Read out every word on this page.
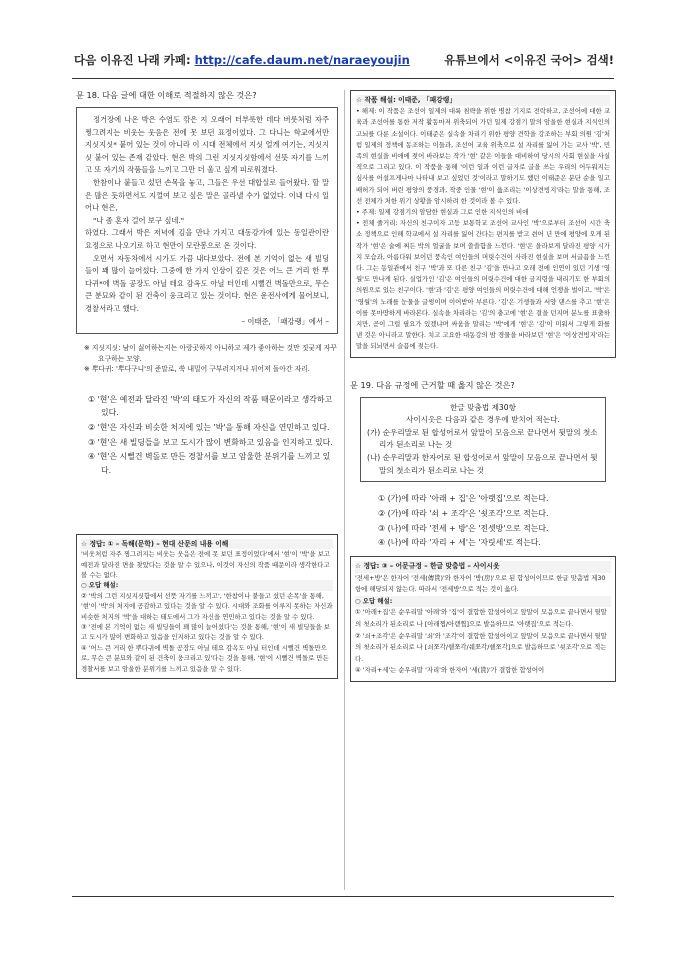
다음 이유진 나래 카페: http://cafe.daum.net/naraeyoujin	유튜브에서 <이유진 국어> 검색!
문 18. 다음 글에 대한 이해로 적절하지 않은 것은?

정거장에 나온 박은 수염도 깎은 지 오래어 터부룩한 데다 버룻처럼 자주 찡그려지는 비웃는 웃음은 전에 못 보던 표정이었다. 그 다니는 학교에서만 지싯지싯* 붙어 있는 것이 아니라 이 시대 전체에서 지싯 얼게 여기는, 지싯지싯 붙어 있는 존재 같았다. 현은 박의 그런 지싯지싯함에서 선뜻 자기를 느끼고 또 자기의 작품들을 느끼고 그만 더 울고 싶게 피로워졌다.

한참이나 붙들고 섰던 손목을 놓고, 그들은 우선 대합실로 들어왔다. 할 말은 많은 듯하면서도 지껄여 보고 싶은 말은 골라낼 수가 없었다. 이내 다시 일어나 현은,

"나 좀 혼자 걸어 보구 싶네."

하였다. 그래서 박은 저녁에 김을 만나 가지고 대동강가에 있는 동일관이란 요정으로 나오기로 하고 현만이 모란봉으로 온 것이다.

오면서 자동차에서 시가도 가끔 내다보았다. 전에 본 기억이 없는 새 빌딩들이 꽤 많이 늘어섰다. 그중에 한 가지 인상이 깊은 것은 어느 큰 거리 한 뿌다귀*에 벽돌 공장도 아닐 테요 감옥도 아닐 터인데 시뻘건 벽돌만으로, 무슨 큰 분묘와 같이 된 건축이 웅크리고 있는 것이다. 현은 운전사에게 물어보니, 경찰서라고 했다.

– 이태준, 「패강랭」에서 –
※ 지싯지싯: 남이 싫어하는지는 아랑곳하지 아니하고 제가 좋아하는 것만 짓궂게 자꾸 요구하는 모양.
※ 뿌다귀: '뿌다구니'의 준말로, 쑥 내밀어 구부러지거나 뒤어져 돌아간 자리.
① '현'은 예전과 달라진 '박'의 태도가 자신의 작품 때문이라고 생각하고 있다.
② '현'은 자신과 비슷한 처지에 있는 '박'을 통해 자신을 연민하고 있다.
③ '현'은 새 빌딩들을 보고 도시가 많이 변화하고 있음을 인지하고 있다.
④ '현'은 시뻘건 벽돌로 만든 경찰서를 보고 암울한 분위기를 느끼고 있다.
☆ 정답: ① – 독해(문학) – 현대 산문의 내용 이해

'비웃처럼 자주 찡그려지는 비웃는 웃음은 전에 못 보던 표정이었다'에서 '현'이 '박'을 보고 예전과 달라진 면을 찾았다는 것을 알 수 있으나, 이것이 자신의 작품 때문이라 생각한다고 볼 수는 없다.

○ 오답 해설:

② '박의 그런 지싯지싯함에서 선뜻 자기를 느끼고', '한참이나 붙들고 섰던 손목'을 통해, '현'이 '박'의 처지에 공감하고 있다는 것을 알 수 있다. 시대와 조화를 이루지 못하는 자신과 비슷한 처지의 '박'을 대하는 태도에서 그가 자신을 연민하고 있다는 것을 알 수 있다.

③ '전에 본 기억이 없는 새 빌딩들이 꽤 많이 늘어섰다'는 것을 통해, '현'이 새 빌딩들을 보고 도시가 많이 변화하고 있음을 인지하고 있다는 것을 알 수 있다.

④ '어느 큰 거리 한 뿌다귀에 벽돌 공장도 아닐 테요 감옥도 아닐 터인데 시뻘건 벽돌만으로, 무슨 큰 분묘와 같이 된 건축이 웅크리고 있'다는 것을 통해, '현'이 시뻘건 벽돌로 만든 경찰서를 보고 암울한 분위기를 느끼고 있음을 알 수 있다.

☆ 작품 해설: 이태준, 「패강랭」

• 해제: 이 작품은 조선이 일제의 대륙 침략을 위한 병참 기지로 전락하고, 조선어에 대한 교육과 조선어를 통한 저작 활동마저 위축되어 가던 일제 강점기 말의 암울한 현실과 지식인의 고뇌를 다룬 소설이다. 이태준은 실속을 차리기 위한 평양 견학을 강조하는 부회 의원 '김'처럼 일제의 정책에 동조하는 이들과, 조선어 교육 위축으로 설 자리를 잃어 가는 교사 '박', 민족의 현실을 비애에 젖어 바라보는 작가 '현' 같은 이들을 대비하여 당시의 사회 현실을 사실적으로 그리고 있다. 이 작품을 통해 '이런 일과 이런 글자로 글을 쓰는 우리의 어두워지는 심사를 어설프게나마 나타내 보고 싶었던 것'이라고 말하기도 했던 이태준은 분단 순을 일고 배허가 되어 버린 평양의 풍경과, 작중 인물 '현'이 읊조리는 '이상견빙지'라는 말을 통해, 조선 전체가 처한 위기 상황을 암시하려 한 것이라 볼 수 있다.

• 주제: 일제 강점기의 암담한 현실과 그로 인한 지식인의 비애

• 전체 줄거리: 자신의 친구이자 고등 보통학교 조선어 교사인 '박'으로부터 조선어 시간 축소 정책으로 인해 학교에서 설 자리를 잃어 간다는 편지를 받고 쉰어 년 만에 평양에 오게 된 작가 '현'은 술에 찌든 박의 얼굴을 보며 쓸쓸함을 느낀다. '현'은 을라보게 달라진 평양 시가지 모습과, 아름다워 보이던 풍속인 여인들의 머릿수건이 사라진 현실을 보며 서글픔을 느낀다. 그는 동일관에서 친구 '박'과 또 다른 친구 '김'을 만나고 오래 전에 인연이 있던 기생 '영월'도 만나게 된다. 실업가인 '김'은 여인들의 머릿수건에 대한 금지령을 내리기도 한 부회의 의원으로 있는 친구이다. '현'과 '김'은 평양 여인들의 머릿수건에 대해 언쟁을 벌이고, '박'은 '영월'의 노래를 눈물을 글썽이며 이어받아 부른다. '김'은 기생들과 서양 댄스를 추고 '현'은 이를 못마땅하게 바라본다. 실속을 차리라는 '김'의 충고에 '현'은 결을 던지며 분노를 표출하지만, 곧이 그럴 필요가 있겠냐며 싸움을 말리는 '박'에게 '현'은 '김'이 미워서 그렇게 화를 낸 것은 아니라고 말한다. 치고 고요한 대동강의 밤 경물을 바라보던 '현'은 '이상견빙지'라는 말을 되뇌면서 슬픔에 젖는다.

문 19. 다음 규정에 근거할 때 옳지 않은 것은?
한글 맞춤법 제30항
사이시옷은 다음과 같은 경우에 받치어 적는다.
(가) 순우리말로 된 합성어로서 앞말이 모음으로 끝나면서 뒷말의 첫소리가 된소리로 나는 것
(나) 순우리말과 한자어로 된 합성어로서 앞말이 모음으로 끝나면서 뒷말의 첫소리가 된소리로 나는 것
① (가)에 따라 '아래 + 집'은 '아랫집'으로 적는다.
② (가)에 따라 '쇠 + 조각'은 '쇳조각'으로 적는다.
③ (나)에 따라 '전세 + 방'은 '전셋방'으로 적는다.
④ (나)에 따라 '자리 + 세'는 '자릿세'로 적는다.
☆ 정답: ③ – 어문규정 – 한글 맞춤법 – 사이시옷

'전세+방'은 한자어 '전세(傳貰)'와 한자어 '방(房)'으로 된 합성어이므로 한글 맞춤법 제30항에 해당되지 않는다. 따라서 '전세방'으로 적는 것이 옳다.

○ 오답 해설:

① '아래+집'은 순우리말 '아래'와 '집'이 결합한 합성어이고 앞말이 모음으로 끝나면서 뒷말의 첫소리가 된소리로 나 [아래찝/아랟찝]으로 발음하므로 '아랫집'으로 적는다.

② '쇠+조각'은 순우리말 '쇠'와 '조각'이 결합한 합성어이고 앞말이 모음으로 끝나면서 뒷말의 첫소리가 된소리로 나 [쇠쪼각/쉗쪼각/쉐쪼각/쉗쪼각]으로 발음하므로 '쇳조각'으로 적는다.

④ '자리+세'는 순우리말 '자리'와 한자어 '세(貰)'가 결합한 합성어이
